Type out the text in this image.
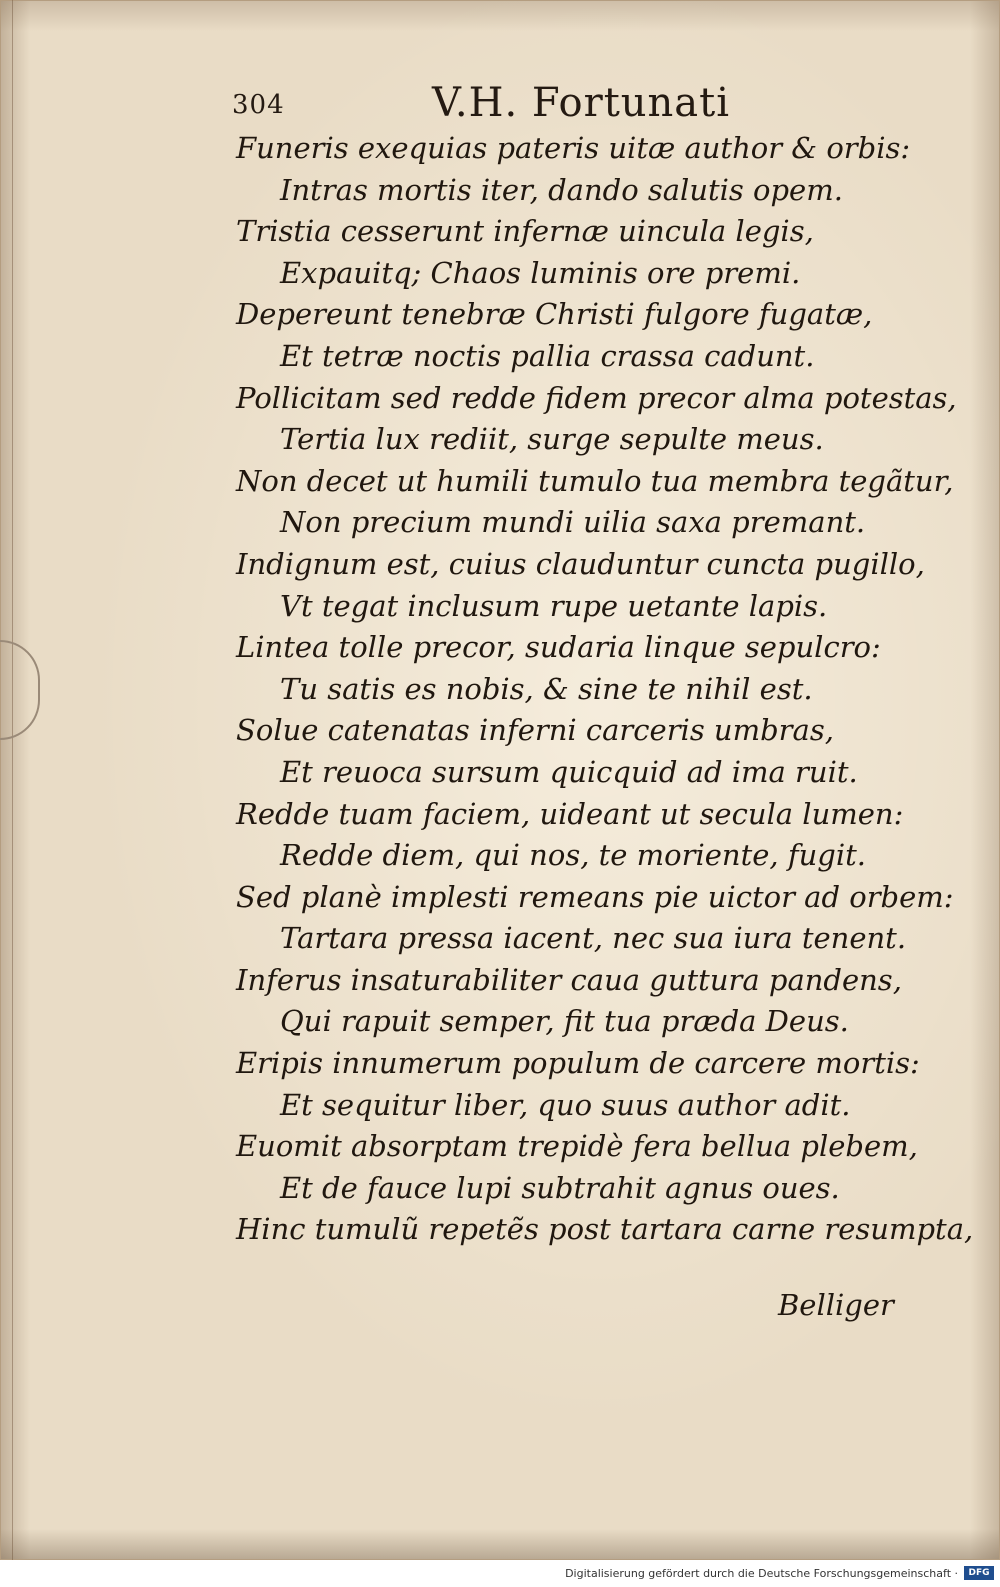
304	V.H. Fortunati
Funeris exequias pateris uitæ author & orbis:
Intras mortis iter, dando salutis opem.
Tristia cesserunt infernæ uincula legis,
Expauitq; Chaos luminis ore premi.
Depereunt tenebræ Christi fulgore fugatæ,
Et tetræ noctis pallia crassa cadunt.
Pollicitam sed redde fidem precor alma potestas,
Tertia lux rediit, surge sepulte meus.
Non decet ut humili tumulo tua membra tegãtur,
Non precium mundi uilia saxa premant.
Indignum est, cuius clauduntur cuncta pugillo,
Vt tegat inclusum rupe uetante lapis.
Lintea tolle precor, sudaria linque sepulcro:
Tu satis es nobis, & sine te nihil est.
Solue catenatas inferni carceris umbras,
Et reuoca sursum quicquid ad ima ruit.
Redde tuam faciem, uideant ut secula lumen:
Redde diem, qui nos, te moriente, fugit.
Sed planè implesti remeans pie uictor ad orbem:
Tartara pressa iacent, nec sua iura tenent.
Inferus insaturabiliter caua guttura pandens,
Qui rapuit semper, fit tua præda Deus.
Eripis innumerum populum de carcere mortis:
Et sequitur liber, quo suus author adit.
Euomit absorptam trepidè fera bellua plebem,
Et de fauce lupi subtrahit agnus oues.
Hinc tumulũ repetẽs post tartara carne resumpta,
Belliger
Digitalisierung gefördert durch die Deutsche Forschungsgemeinschaft ·	DFG
